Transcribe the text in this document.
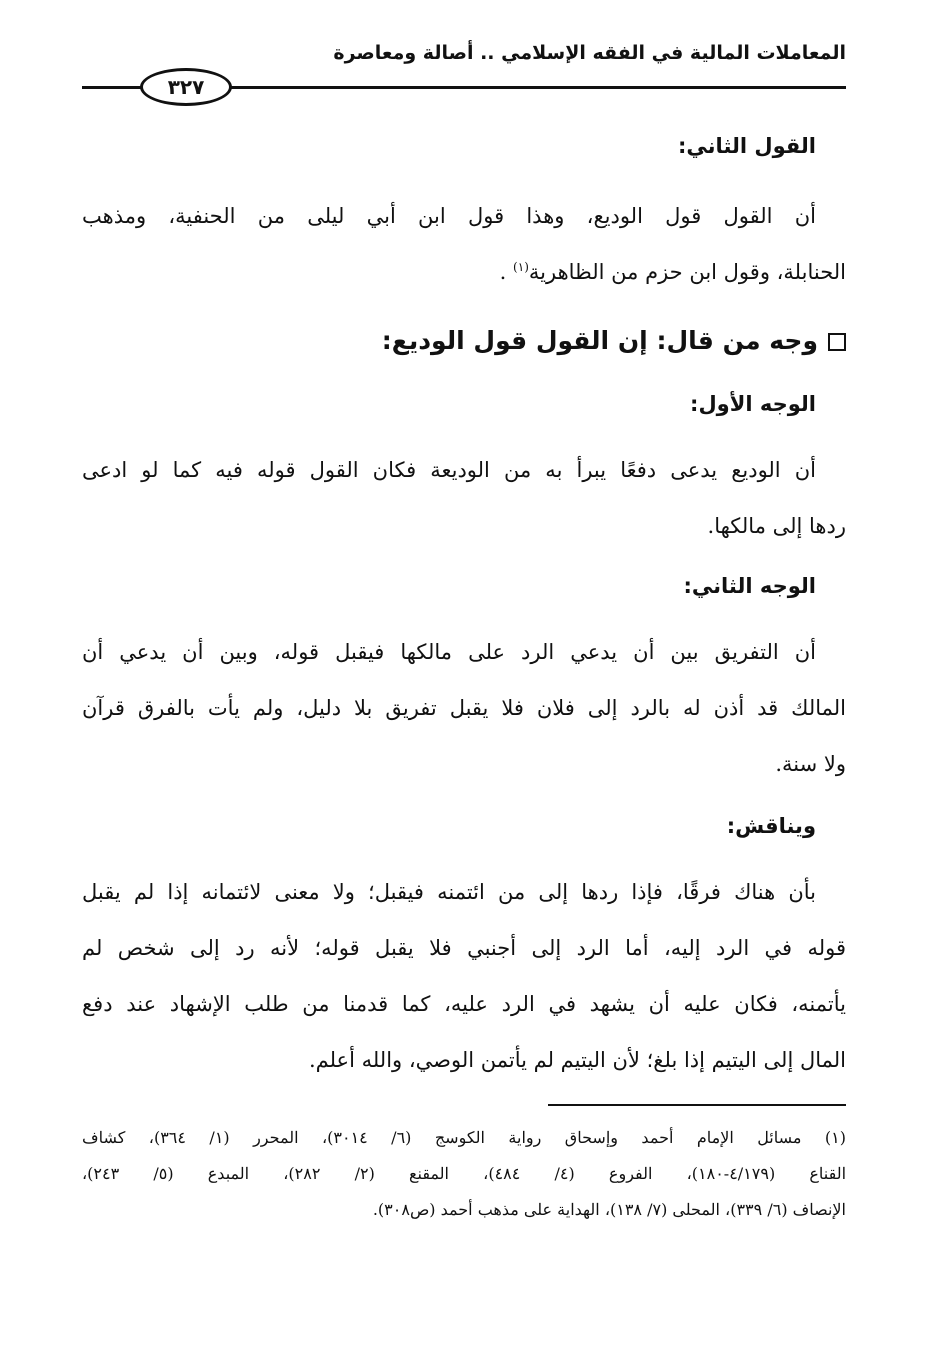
المعاملات المالية في الفقه الإسلامي .. أصالة ومعاصرة
٣٢٧
القول الثاني:
أن القول قول الوديع، وهذا قول ابن أبي ليلى من الحنفية، ومذهب
الحنابلة، وقول ابن حزم من الظاهرية$^{(١)}$ .
وجه من قال: إن القول قول الوديع:
الوجه الأول:
أن الوديع يدعى دفعًا يبرأ به من الوديعة فكان القول قوله فيه كما لو ادعى
ردها إلى مالكها.
الوجه الثاني:
أن التفريق بين أن يدعي الرد على مالكها فيقبل قوله، وبين أن يدعي أن
المالك قد أذن له بالرد إلى فلان فلا يقبل تفريق بلا دليل، ولم يأت بالفرق قرآن
ولا سنة.
ويناقش:
بأن هناك فرقًا، فإذا ردها إلى من ائتمنه فيقبل؛ ولا معنى لائتمانه إذا لم يقبل
قوله في الرد إليه، أما الرد إلى أجنبي فلا يقبل قوله؛ لأنه رد إلى شخص لم
يأتمنه، فكان عليه أن يشهد في الرد عليه، كما قدمنا من طلب الإشهاد عند دفع
المال إلى اليتيم إذا بلغ؛ لأن اليتيم لم يأتمن الوصي، والله أعلم.
(١) مسائل الإمام أحمد وإسحاق رواية الكوسج (٦/ ٣٠١٤)، المحرر (١/ ٣٦٤)، كشاف
القناع (٤/١٧٩-١٨٠)، الفروع (٤/ ٤٨٤)، المقنع (٢/ ٢٨٢)، المبدع (٥/ ٢٤٣)،
الإنصاف (٦/ ٣٣٩)، المحلى (٧/ ١٣٨)، الهداية على مذهب أحمد (ص٣٠٨).
